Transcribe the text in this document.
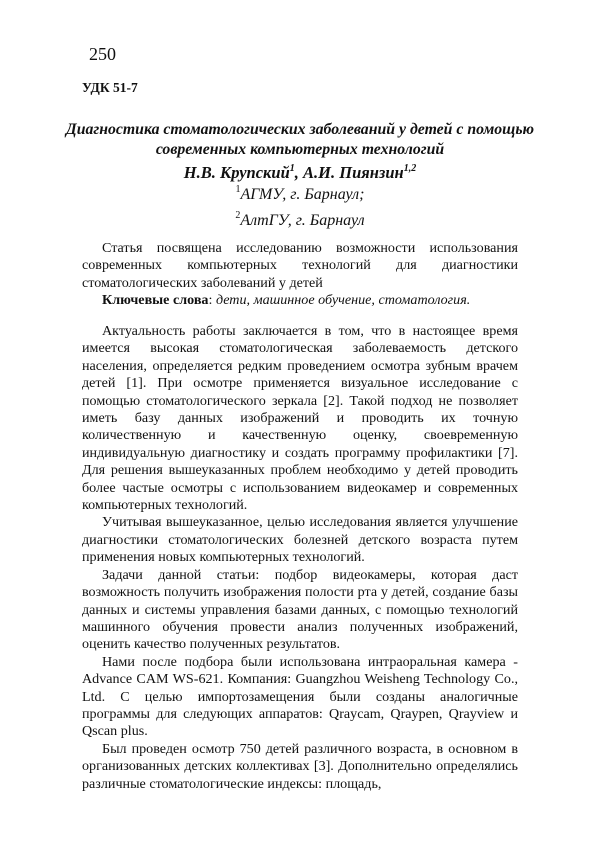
250
УДК 51-7
Диагностика стоматологических заболеваний у детей с помощью современных компьютерных технологий
Н.В. Крупский$^1$, А.И. Пиянзин$^{1,2}$
$^1$АГМУ, г. Барнаул;
$^2$АлтГУ, г. Барнаул

Статья посвящена исследованию возможности использования современных компьютерных технологий для диагностики стоматологических заболеваний у детей

Ключевые слова: дети, машинное обучение, стоматология.

Актуальность работы заключается в том, что в настоящее время имеется высокая стоматологическая заболеваемость детского населения, определяется редким проведением осмотра зубным врачем детей [1]. При осмотре применяется визуальное исследование с помощью стоматологического зеркала [2]. Такой подход не позволяет иметь базу данных изображений и проводить их точную количественную и качественную оценку, своевременную индивидуальную диагностику и создать программу профилактики [7]. Для решения вышеуказанных проблем необходимо у детей проводить более частые осмотры с использованием видеокамер и современных компьютерных технологий.

Учитывая вышеуказанное, целью исследования является улучшение диагностики стоматологических болезней детского возраста путем применения новых компьютерных технологий.

Задачи данной статьи: подбор видеокамеры, которая даст возможность получить изображения полости рта у детей, создание базы данных и системы управления базами данных, с помощью технологий машинного обучения провести анализ полученных изображений, оценить качество полученных результатов.

Нами после подбора были использована интраоральная камера - Advance CAM WS-621. Компания: Guangzhou Weisheng Technology Co., Ltd. С целью импортозамещения были созданы аналогичные программы для следующих аппаратов: Qraycam, Qraypen, Qrayview и Qscan plus.

Был проведен осмотр 750 детей различного возраста, в основном в организованных детских коллективах [3]. Дополнительно определялись различные стоматологические индексы: площадь,
